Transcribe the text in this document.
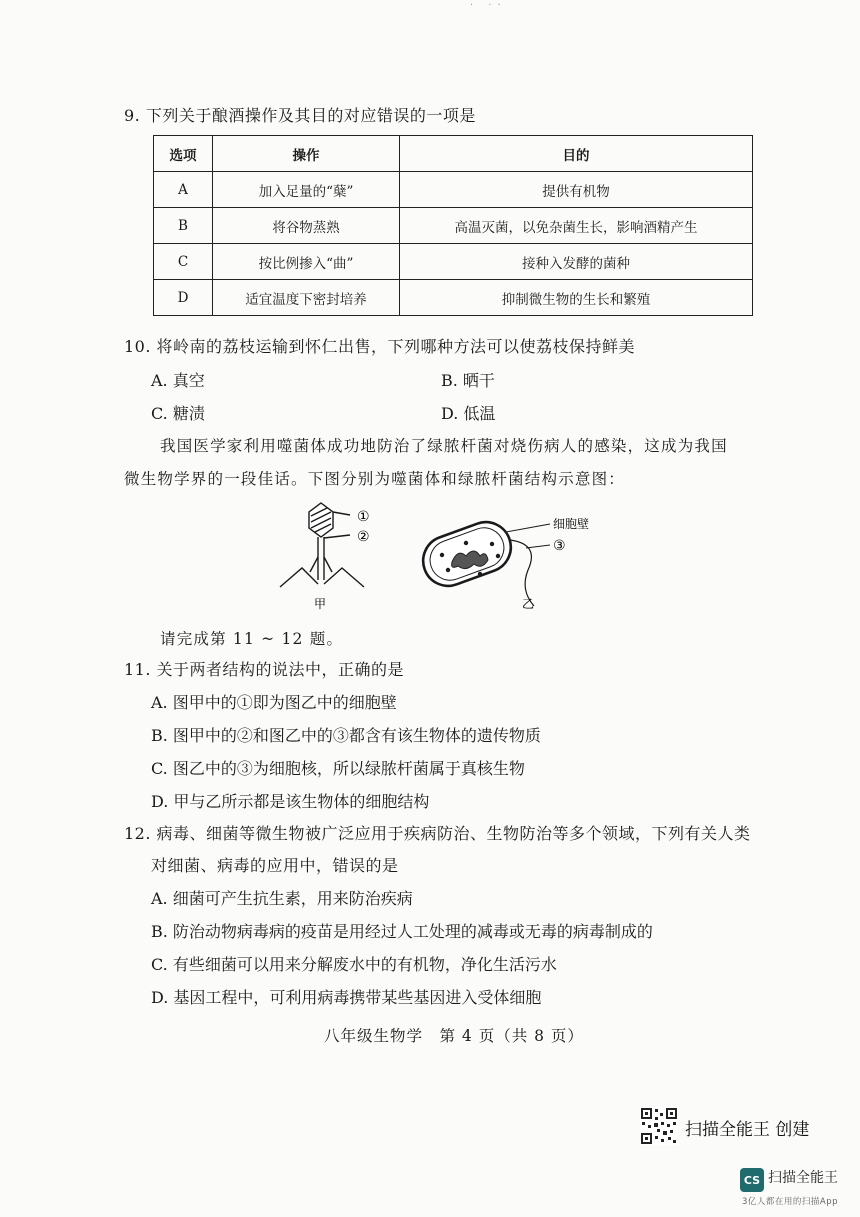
· ··
9. 下列关于酿酒操作及其目的对应错误的一项是
选项	操作	目的
A	加入足量的“蘖”	提供有机物
B	将谷物蒸熟	高温灭菌，以免杂菌生长，影响酒精产生
C	按比例掺入“曲”	接种入发酵的菌种
D	适宜温度下密封培养	抑制微生物的生长和繁殖
10. 将岭南的荔枝运输到怀仁出售，下列哪种方法可以使荔枝保持鲜美
A. 真空	B. 晒干
C. 糖渍	D. 低温
我国医学家利用噬菌体成功地防治了绿脓杆菌对烧伤病人的感染，这成为我国
微生物学界的一段佳话。下图分别为噬菌体和绿脓杆菌结构示意图：
①
②
甲
细胞壁
③
乙
请完成第 11 ~ 12 题。
11. 关于两者结构的说法中，正确的是
A. 图甲中的①即为图乙中的细胞壁
B. 图甲中的②和图乙中的③都含有该生物体的遗传物质
C. 图乙中的③为细胞核，所以绿脓杆菌属于真核生物
D. 甲与乙所示都是该生物体的细胞结构
12. 病毒、细菌等微生物被广泛应用于疾病防治、生物防治等多个领域，下列有关人类
对细菌、病毒的应用中，错误的是
A. 细菌可产生抗生素，用来防治疾病
B. 防治动物病毒病的疫苗是用经过人工处理的减毒或无毒的病毒制成的
C. 有些细菌可以用来分解废水中的有机物，净化生活污水
D. 基因工程中，可利用病毒携带某些基因进入受体细胞
八年级生物学　第 4 页（共 8 页）
扫描全能王 创建
CS 扫描全能王
3亿人都在用的扫描App
